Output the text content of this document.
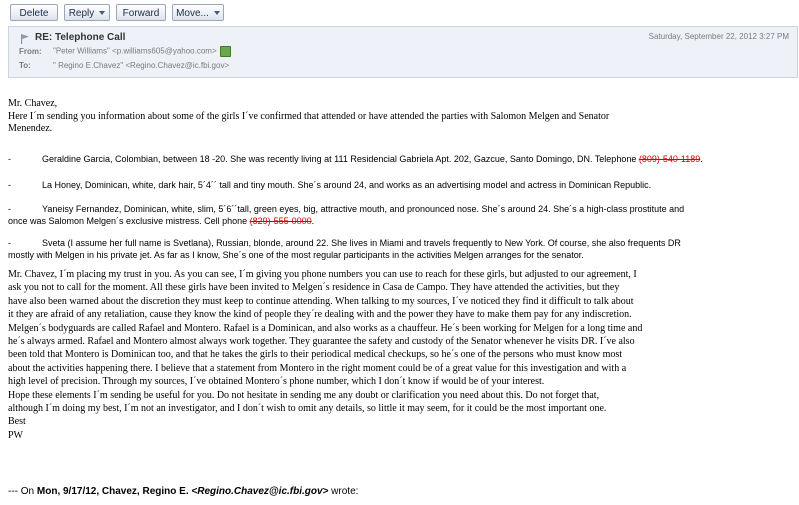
Delete	Reply	Forward	Move...
RE: Telephone Call	Saturday, September 22, 2012 3:27 PM
From: "Peter Williams" <p.williams605@yahoo.com>
To:	" Regino E.Chavez" <Regino.Chavez@ic.fbi.gov>

Mr. Chavez,

Here I´m sending you information about some of the girls I´ve confirmed that attended or have attended the parties with Salomon Melgen and Senator

Menendez.

-	Geraldine Garcia, Colombian, between 18 -20. She was recently living at 111 Residencial Gabriela Apt. 202, Gazcue, Santo Domingo, DN. Telephone (809)-540-1189.
-	La Honey, Dominican, white, dark hair, 5´4´´ tall and tiny mouth. She´s around 24, and works as an advertising model and actress in Dominican Republic.
-	Yaneisy Fernandez, Dominican, white, slim, 5´6´´tall, green eyes, big, attractive mouth, and pronounced nose. She´s around 24. She´s a high-class prostitute and
once was Salomon Melgen´s exclusive mistress. Cell phone (829)-555-0000.
-	Sveta (I assume her full name is Svetlana), Russian, blonde, around 22. She lives in Miami and travels frequently to New York. Of course, she also frequents DR
mostly with Melgen in his private jet. As far as I know, She´s one of the most regular participants in the activities Melgen arranges for the senator.

Mr. Chavez, I´m placing my trust in you. As you can see, I´m giving you phone numbers you can use to reach for these girls, but adjusted to our agreement, I

ask you not to call for the moment. All these girls have been invited to Melgen´s residence in Casa de Campo. They have attended the activities, but they

have also been warned about the discretion they must keep to continue attending. When talking to my sources, I´ve noticed they find it difficult to talk about

it they are afraid of any retaliation, cause they know the kind of people they´re dealing with and the power they have to make them pay for any indiscretion.

Melgen´s bodyguards are called Rafael and Montero. Rafael is a Dominican, and also works as a chauffeur. He´s been working for Melgen for a long time and

he´s always armed. Rafael and Montero almost always work together. They guarantee the safety and custody of the Senator whenever he visits DR. I´ve also

been told that Montero is Dominican too, and that he takes the girls to their periodical medical checkups, so he´s one of the persons who must know most

about the activities happening there. I believe that a statement from Montero in the right moment could be of a great value for this investigation and with a

high level of precision. Through my sources, I´ve obtained Montero´s phone number, which I don´t know if would be of your interest.

Hope these elements I´m sending be useful for you. Do not hesitate in sending me any doubt or clarification you need about this. Do not forget that,

although I´m doing my best, I´m not an investigator, and I don´t wish to omit any details, so little it may seem, for it could be the most important one.

Best

PW

--- On Mon, 9/17/12, Chavez, Regino E. <Regino.Chavez@ic.fbi.gov> wrote:
